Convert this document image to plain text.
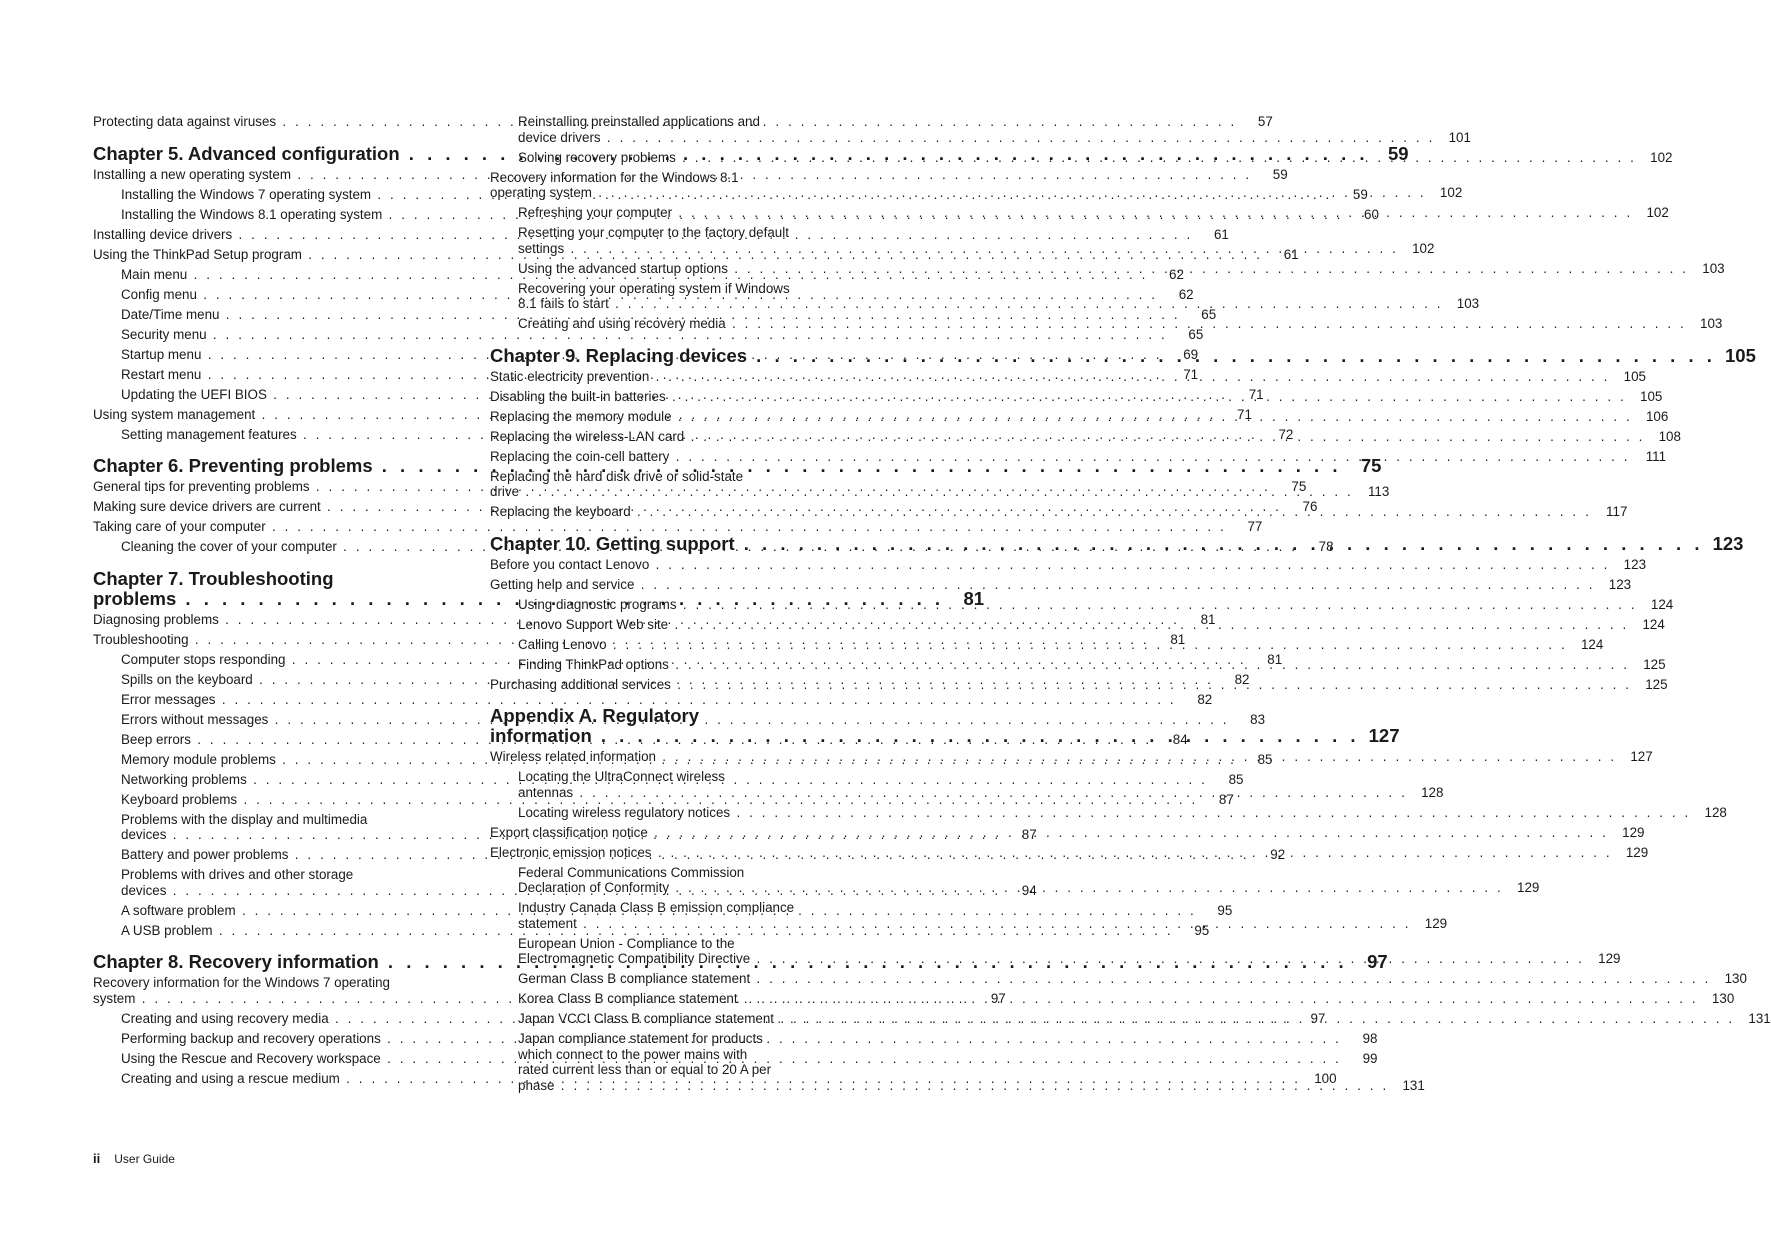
Protecting data against viruses . . .	57
Chapter 5. Advanced configuration . . .	59
Installing a new operating system . . .	59
Installing the Windows 7 operating system . . .	59
Installing the Windows 8.1 operating system . . .	60
Installing device drivers . . .	61
Using the ThinkPad Setup program . . .	61
Main menu . . .	62
Config menu . . .	62
Date/Time menu . . .	65
Security menu . . .	65
Startup menu . . .	69
Restart menu . . .	71
Updating the UEFI BIOS . . .	71
Using system management . . .	71
Setting management features . . .	72
Chapter 6. Preventing problems . . .	75
General tips for preventing problems . . .	75
Making sure device drivers are current . . .	76
Taking care of your computer . . .	77
Cleaning the cover of your computer . . .	78
Chapter 7. Troubleshooting
problems . . .	81
Diagnosing problems . . .	81
Troubleshooting . . .	81
Computer stops responding . . .	81
Spills on the keyboard . . .	82
Error messages . . .	82
Errors without messages . . .	83
Beep errors . . .	84
Memory module problems . . .	85
Networking problems . . .	85
Keyboard problems . . .	87
Problems with the display and multimedia
devices . . .	87
Battery and power problems . . .	92
Problems with drives and other storage
devices . . .	94
A software problem . . .	95
A USB problem . . .	95
Chapter 8. Recovery information . . .	97
Recovery information for the Windows 7 operating
system . . .	97
Creating and using recovery media . . .	97
Performing backup and recovery operations . . .	98
Using the Rescue and Recovery workspace . . .	99
Creating and using a rescue medium . . .	100
Reinstalling preinstalled applications and
device drivers . . .	101
Solving recovery problems . . .	102
Recovery information for the Windows 8.1
operating system . . .	102
Refreshing your computer . . .	102
Resetting your computer to the factory default
settings . . .	102
Using the advanced startup options . . .	103
Recovering your operating system if Windows
8.1 fails to start . . .	103
Creating and using recovery media . . .	103
Chapter 9. Replacing devices . . .	105
Static electricity prevention . . .	105
Disabling the built-in batteries . . .	105
Replacing the memory module . . .	106
Replacing the wireless-LAN card . . .	108
Replacing the coin-cell battery . . .	111
Replacing the hard disk drive or solid-state
drive . . .	113
Replacing the keyboard . . .	117
Chapter 10. Getting support . . .	123
Before you contact Lenovo . . .	123
Getting help and service . . .	123
Using diagnostic programs . . .	124
Lenovo Support Web site . . .	124
Calling Lenovo . . .	124
Finding ThinkPad options . . .	125
Purchasing additional services . . .	125
Appendix A. Regulatory
information . . .	127
Wireless related information . . .	127
Locating the UltraConnect wireless
antennas . . .	128
Locating wireless regulatory notices . . .	128
Export classification notice . . .	129
Electronic emission notices . . .	129
Federal Communications Commission
Declaration of Conformity . . .	129
Industry Canada Class B emission compliance
statement . . .	129
European Union - Compliance to the
Electromagnetic Compatibility Directive . . .	129
German Class B compliance statement . . .	130
Korea Class B compliance statement . . .	130
Japan VCCI Class B compliance statement . . .	131
Japan compliance statement for products
which connect to the power mains with
rated current less than or equal to 20 A per
phase . . .	131
ii User Guide
